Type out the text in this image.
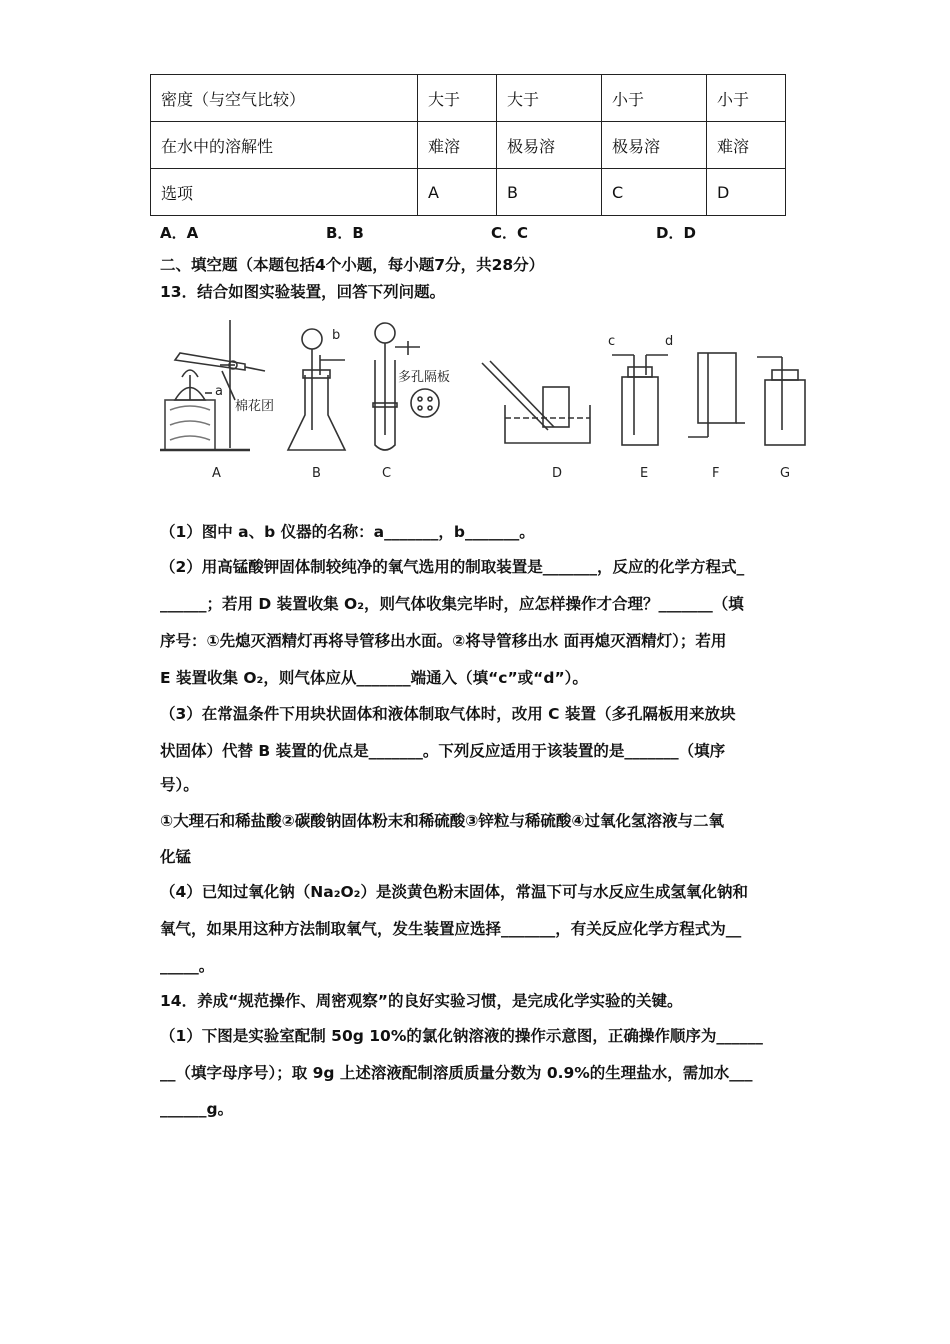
密度（与空气比较）	大于	大于	小于	小于
在水中的溶解性	难溶	极易溶	极易溶	难溶
选项	A	B	C	D
A．A	B．B	C．C	D．D
二、填空题（本题包括4个小题，每小题7分，共28分）
13．结合如图实验装置，回答下列问题。
a
b	c	d
棉花团
多孔隔板
A	B	C	D	E	F	G
（1）图中 a、b 仪器的名称：a_______，b_______。
（2）用高锰酸钾固体制较纯净的氧气选用的制取装置是_______，反应的化学方程式_
______；若用 D 装置收集 O₂，则气体收集完毕时，应怎样操作才合理？_______（填
序号：①先熄灭酒精灯再将导管移出水面。②将导管移出水 面再熄灭酒精灯）；若用
E 装置收集 O₂，则气体应从_______端通入（填“c”或“d”）。
（3）在常温条件下用块状固体和液体制取气体时，改用 C 装置（多孔隔板用来放块
状固体）代替 B 装置的优点是_______。下列反应适用于该装置的是_______（填序
号）。
①大理石和稀盐酸②碳酸钠固体粉末和稀硫酸③锌粒与稀硫酸④过氧化氢溶液与二氧
化锰
（4）已知过氧化钠（Na₂O₂）是淡黄色粉末固体，常温下可与水反应生成氢氧化钠和
氧气，如果用这种方法制取氧气，发生装置应选择_______，有关反应化学方程式为__
_____。
14．养成“规范操作、周密观察”的良好实验习惯，是完成化学实验的关键。
（1）下图是实验室配制 50g 10%的氯化钠溶液的操作示意图，正确操作顺序为______
__（填字母序号）；取 9g 上述溶液配制溶质质量分数为 0.9%的生理盐水，需加水___
______g。
